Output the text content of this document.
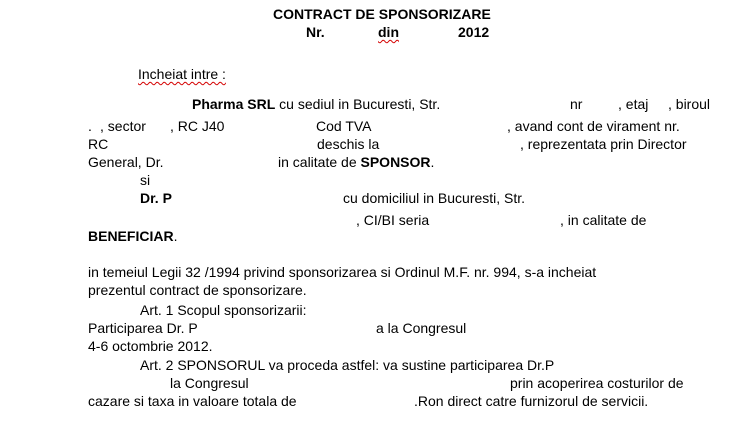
CONTRACT DE SPONSORIZARE
Nr.	din	2012
Incheiat intre :
Pharma SRL cu sediul in Bucuresti, Str.	nr	, etaj , biroul
. , sector , RC J40	Cod TVA	, avand cont de virament nr.
RC	deschis la	, reprezentata prin Director
General, Dr.	in calitate de SPONSOR.
si
Dr. P	cu domiciliul in Bucuresti, Str.
, CI/BI seria	, in calitate de
BENEFICIAR.
in temeiul Legii 32 /1994 privind sponsorizarea si Ordinul M.F. nr. 994, s-a incheiat
prezentul contract de sponsorizare.
Art. 1 Scopul sponsorizarii:
Participarea Dr. P	a la Congresul
4-6 octombrie 2012.
Art. 2 SPONSORUL va proceda astfel: va sustine participarea Dr.P
la Congresul	prin acoperirea costurilor de
cazare si taxa in valoare totala de	.Ron direct catre furnizorul de servicii.
